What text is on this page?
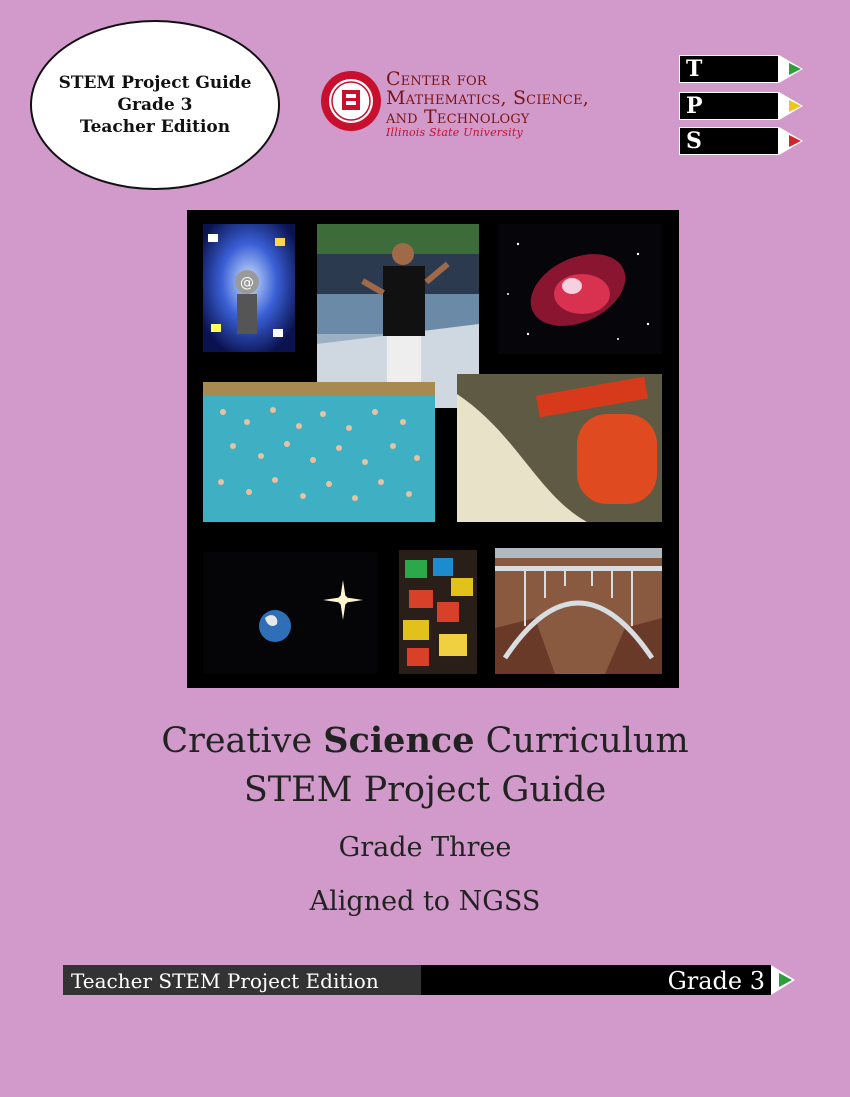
STEM Project Guide
Grade 3
Teacher Edition
Center for
Mathematics, Science,
and Technology
Illinois State University
T
P
S
@
Creative Science Curriculum
STEM Project Guide
Grade Three
Aligned to NGSS
Teacher STEM Project Edition	Grade 3
